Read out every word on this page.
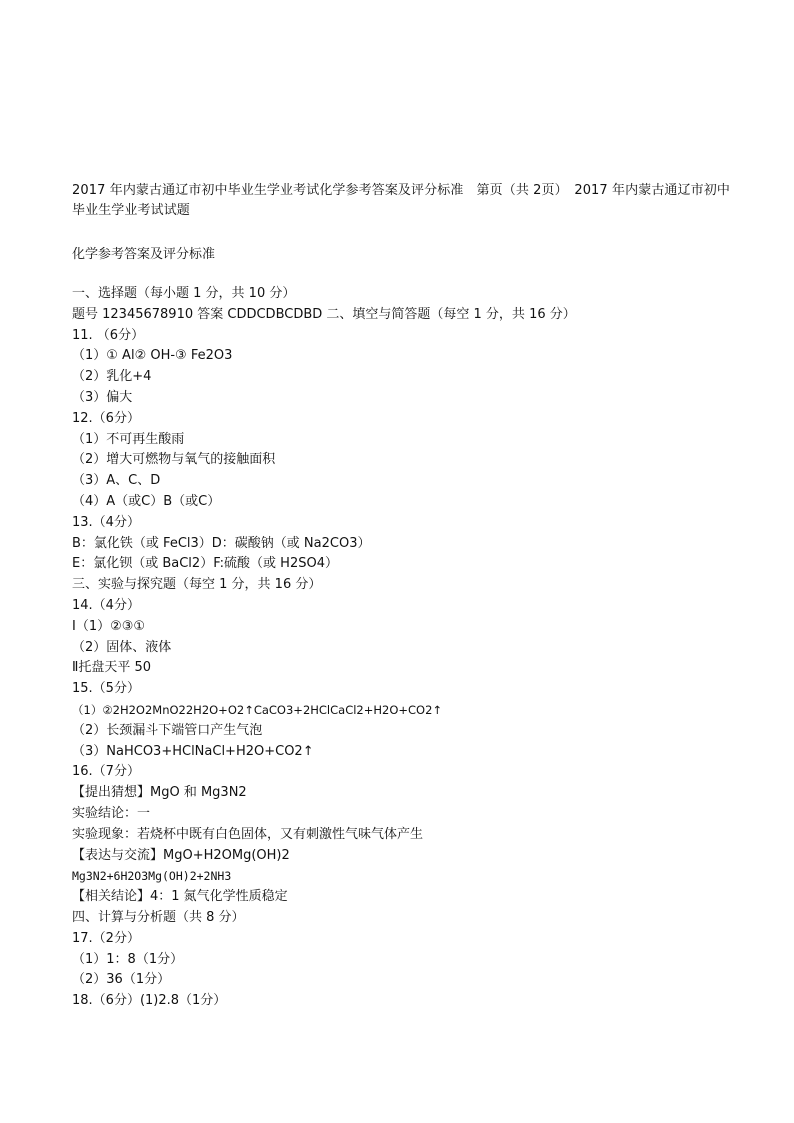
2017 年内蒙古通辽市初中毕业生学业考试化学参考答案及评分标准　第页（共 2页）　2017 年内蒙古通辽市初中毕业生学业考试试题
化学参考答案及评分标准
一、选择题（每小题 1 分，共 10 分）
题号 12345678910 答案 CDDCDBCDBD 二、填空与简答题（每空 1 分，共 16 分）
11. （6分）
（1）① Al② OH-③ Fe2O3
（2）乳化+4
（3）偏大
12.（6分）
（1）不可再生酸雨
（2）增大可燃物与氧气的接触面积
（3）A、C、D
（4）A（或C）B（或C）
13.（4分）
B：氯化铁（或 FeCl3）D：碳酸钠（或 Na2CO3）
E：氯化钡（或 BaCl2）F:硫酸（或 H2SO4）
三、实验与探究题（每空 1 分，共 16 分）
14.（4分）
Ⅰ（1）②③①
（2）固体、液体
Ⅱ托盘天平 50
15.（5分）
（1）②2H2O2MnO22H2O+O2↑CaCO3+2HClCaCl2+H2O+CO2↑
（2）长颈漏斗下端管口产生气泡
（3）NaHCO3+HClNaCl+H2O+CO2↑
16.（7分）
【提出猜想】MgO 和 Mg3N2
实验结论：一
实验现象：若烧杯中既有白色固体，又有刺激性气味气体产生
【表达与交流】MgO+H2OMg(OH)2
Mg3N2+6H2O3Mg(OH)2+2NH3
【相关结论】4：1 氮气化学性质稳定
四、计算与分析题（共 8 分）
17.（2分）
（1）1：8（1分）
（2）36（1分）
18.（6分）(1)2.8（1分）
